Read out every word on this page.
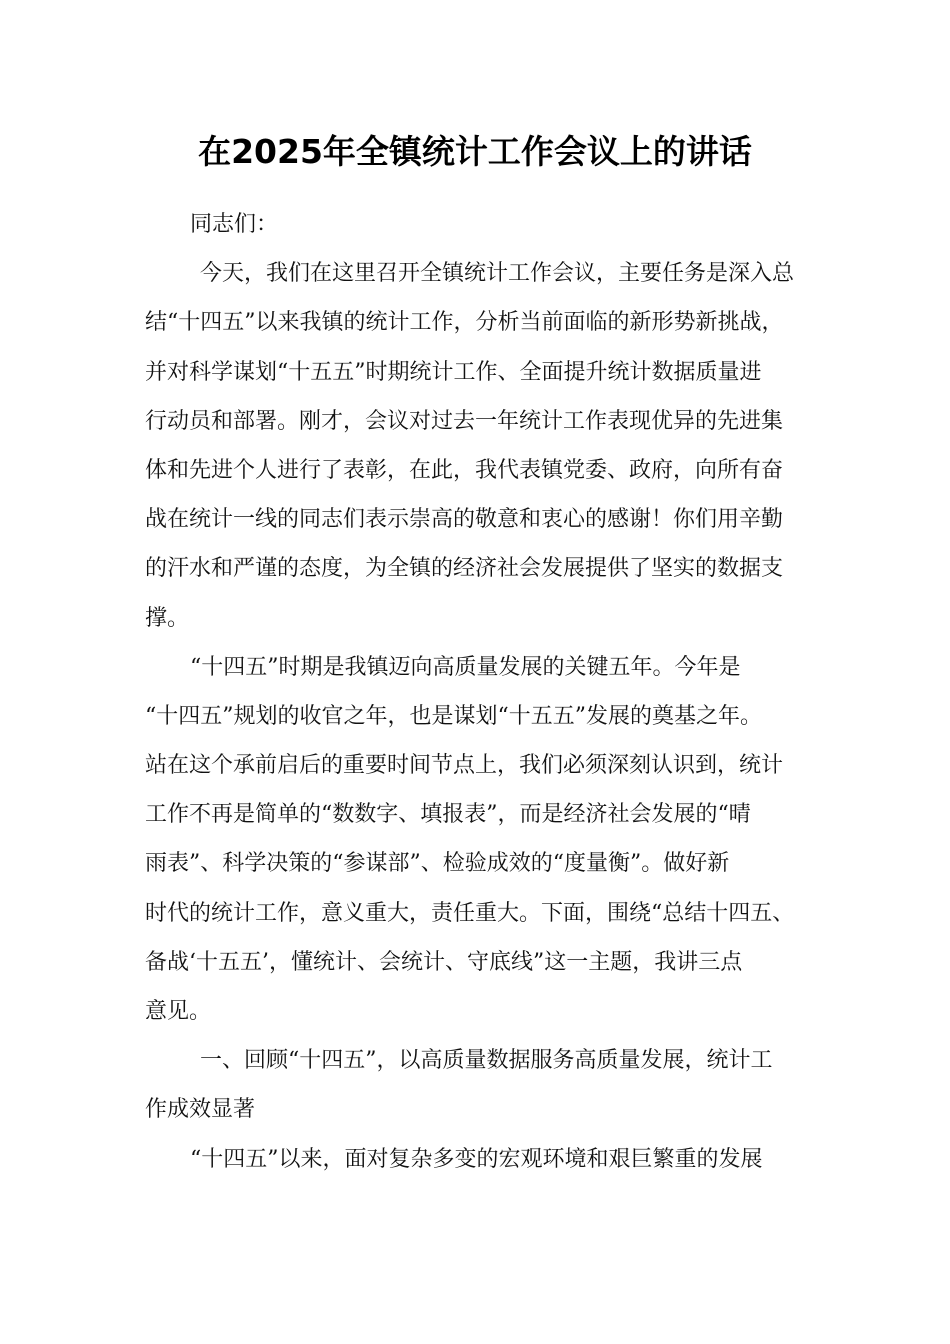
在2025年全镇统计工作会议上的讲话
同志们：
今天，我们在这里召开全镇统计工作会议，主要任务是深入总
结“十四五”以来我镇的统计工作，分析当前面临的新形势新挑战，
并对科学谋划“十五五”时期统计工作、全面提升统计数据质量进
行动员和部署。刚才，会议对过去一年统计工作表现优异的先进集
体和先进个人进行了表彰，在此，我代表镇党委、政府，向所有奋
战在统计一线的同志们表示崇高的敬意和衷心的感谢！你们用辛勤
的汗水和严谨的态度，为全镇的经济社会发展提供了坚实的数据支
撑。
“十四五”时期是我镇迈向高质量发展的关键五年。今年是
“十四五”规划的收官之年，也是谋划“十五五”发展的奠基之年。
站在这个承前启后的重要时间节点上，我们必须深刻认识到，统计
工作不再是简单的“数数字、填报表”，而是经济社会发展的“晴
雨表”、科学决策的“参谋部”、检验成效的“度量衡”。做好新
时代的统计工作，意义重大，责任重大。下面，围绕“总结十四五、
备战‘十五五’，懂统计、会统计、守底线”这一主题，我讲三点
意见。
一、回顾“十四五”，以高质量数据服务高质量发展，统计工
作成效显著
“十四五”以来，面对复杂多变的宏观环境和艰巨繁重的发展
